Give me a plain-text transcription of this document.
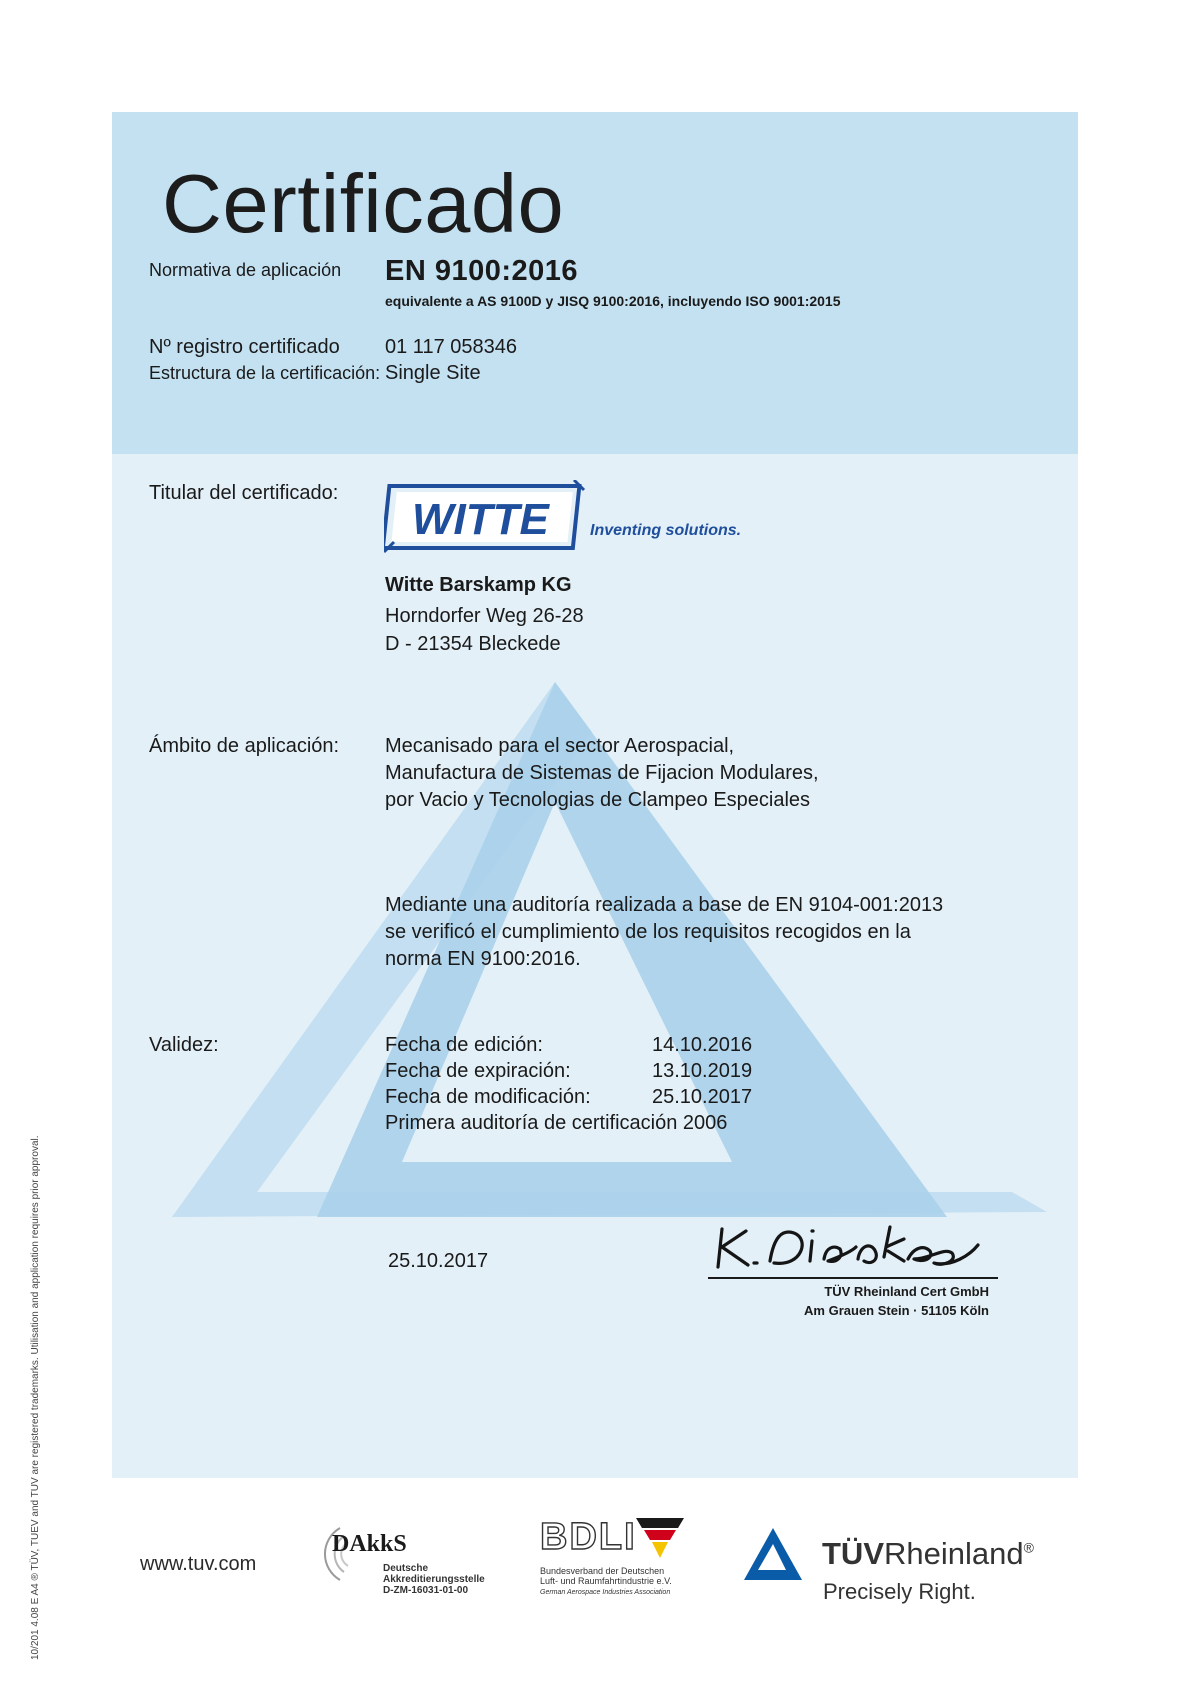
Certificado
Normativa de aplicación EN 9100:2016
equivalente a AS 9100D y JISQ 9100:2016, incluyendo ISO 9001:2015
Nº registro certificado 01 117 058346
Estructura de la certificación: Single Site
Titular del certificado:
WITTE	Inventing solutions.
Witte Barskamp KG
Horndorfer Weg 26-28
D - 21354 Bleckede
Ámbito de aplicación: Mecanisado para el sector Aerospacial,
Manufactura de Sistemas de Fijacion Modulares,
por Vacio y Tecnologias de Clampeo Especiales
Mediante una auditoría realizada a base de EN 9104-001:2013
se verificó el cumplimiento de los requisitos recogidos en la
norma EN 9100:2016.
Validez:	Fecha de edición:	14.10.2016
Fecha de expiración:	13.10.2019
Fecha de modificación:	25.10.2017
Primera auditoría de certificación 2006
25.10.2017
TÜV Rheinland Cert GmbH
Am Grauen Stein · 51105 Köln
www.tuv.com
DAkkS
Deutsche
Akkreditierungsstelle
D-ZM-16031-01-00
BDLI
Bundesverband der Deutschen
Luft- und Raumfahrtindustrie e.V.
German Aerospace Industries Association
TÜVRheinland®
Precisely Right.
10/201 4.08 E A4 ® TÜV, TUEV and TUV are registered trademarks. Utilisation and application requires prior approval.
